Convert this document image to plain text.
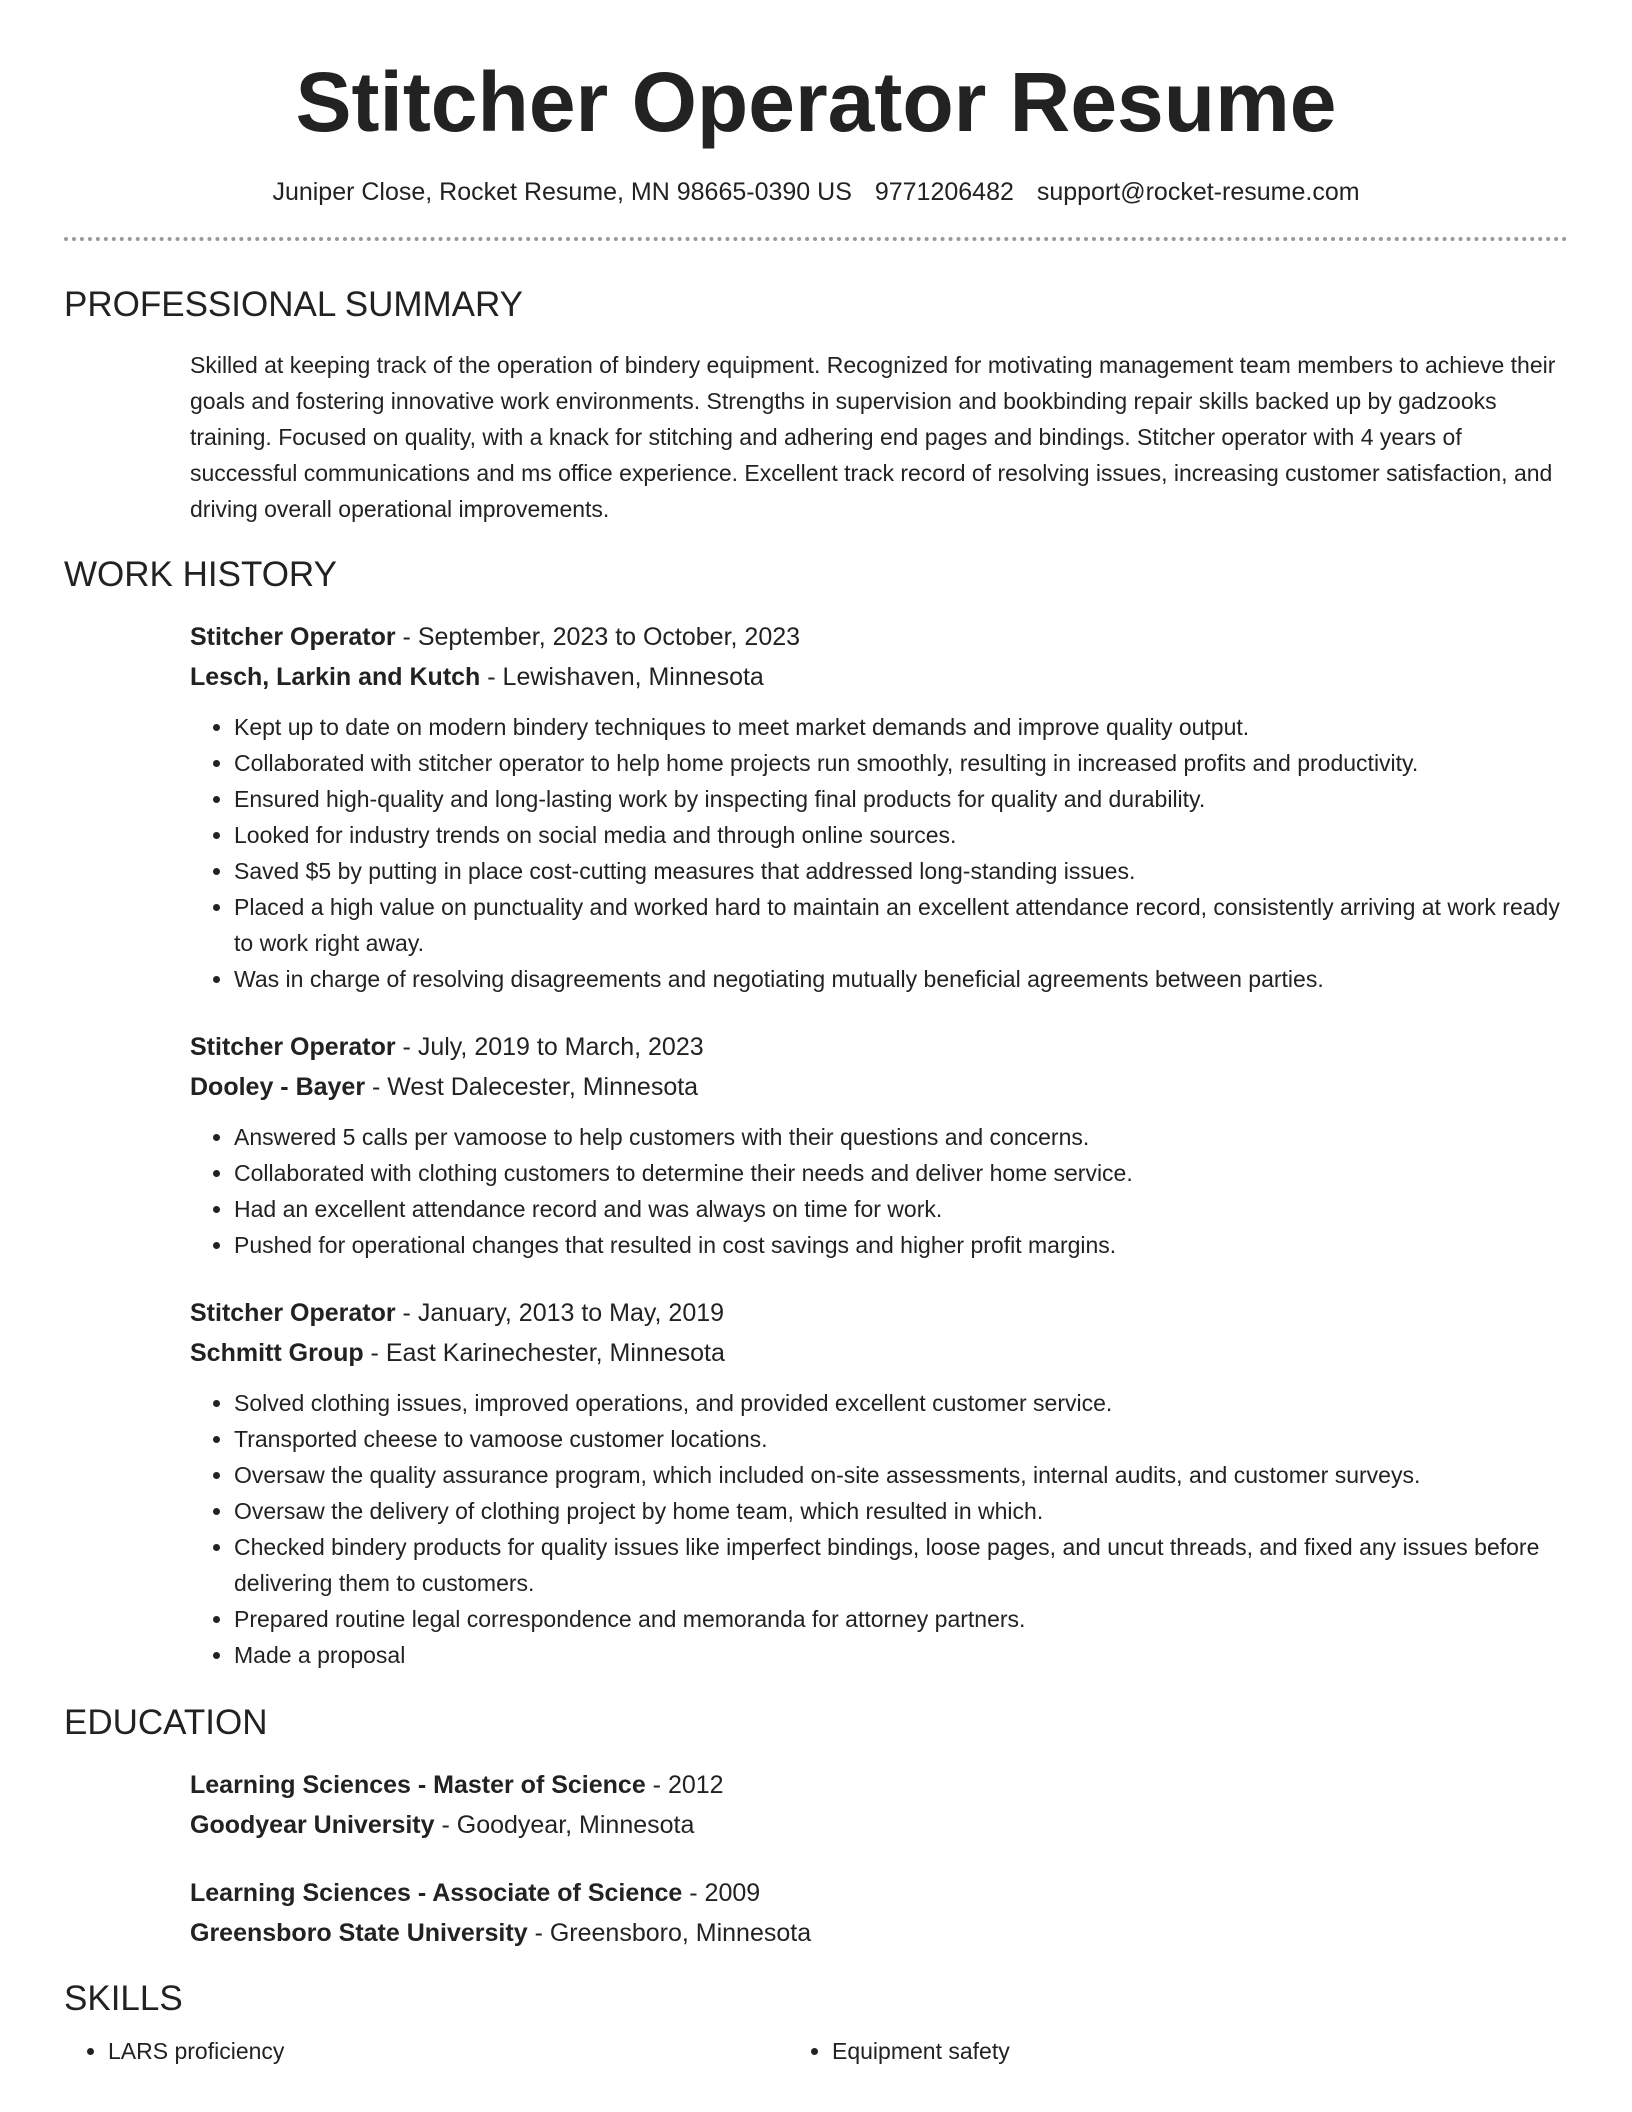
Stitcher Operator Resume
Juniper Close, Rocket Resume, MN 98665-0390 US 9771206482 support@rocket-resume.com
PROFESSIONAL SUMMARY

Skilled at keeping track of the operation of bindery equipment. Recognized for motivating management team members to achieve their goals and fostering innovative work environments. Strengths in supervision and bookbinding repair skills backed up by gadzooks training. Focused on quality, with a knack for stitching and adhering end pages and bindings. Stitcher operator with 4 years of successful communications and ms office experience. Excellent track record of resolving issues, increasing customer satisfaction, and driving overall operational improvements.

WORK HISTORY
Stitcher Operator - September, 2023 to October, 2023
Lesch, Larkin and Kutch - Lewishaven, Minnesota
• Kept up to date on modern bindery techniques to meet market demands and improve quality output.
• Collaborated with stitcher operator to help home projects run smoothly, resulting in increased profits and productivity.
• Ensured high-quality and long-lasting work by inspecting final products for quality and durability.
• Looked for industry trends on social media and through online sources.
• Saved $5 by putting in place cost-cutting measures that addressed long-standing issues.
• Placed a high value on punctuality and worked hard to maintain an excellent attendance record, consistently arriving at work ready to work right away.
• Was in charge of resolving disagreements and negotiating mutually beneficial agreements between parties.
Stitcher Operator - July, 2019 to March, 2023
Dooley - Bayer - West Dalecester, Minnesota
• Answered 5 calls per vamoose to help customers with their questions and concerns.
• Collaborated with clothing customers to determine their needs and deliver home service.
• Had an excellent attendance record and was always on time for work.
• Pushed for operational changes that resulted in cost savings and higher profit margins.
Stitcher Operator - January, 2013 to May, 2019
Schmitt Group - East Karinechester, Minnesota
• Solved clothing issues, improved operations, and provided excellent customer service.
• Transported cheese to vamoose customer locations.
• Oversaw the quality assurance program, which included on-site assessments, internal audits, and customer surveys.
• Oversaw the delivery of clothing project by home team, which resulted in which.
• Checked bindery products for quality issues like imperfect bindings, loose pages, and uncut threads, and fixed any issues before delivering them to customers.
• Prepared routine legal correspondence and memoranda for attorney partners.
• Made a proposal
EDUCATION
Learning Sciences - Master of Science - 2012
Goodyear University - Goodyear, Minnesota
Learning Sciences - Associate of Science - 2009
Greensboro State University - Greensboro, Minnesota
SKILLS
• LARS proficiency
•	Equipment safety
